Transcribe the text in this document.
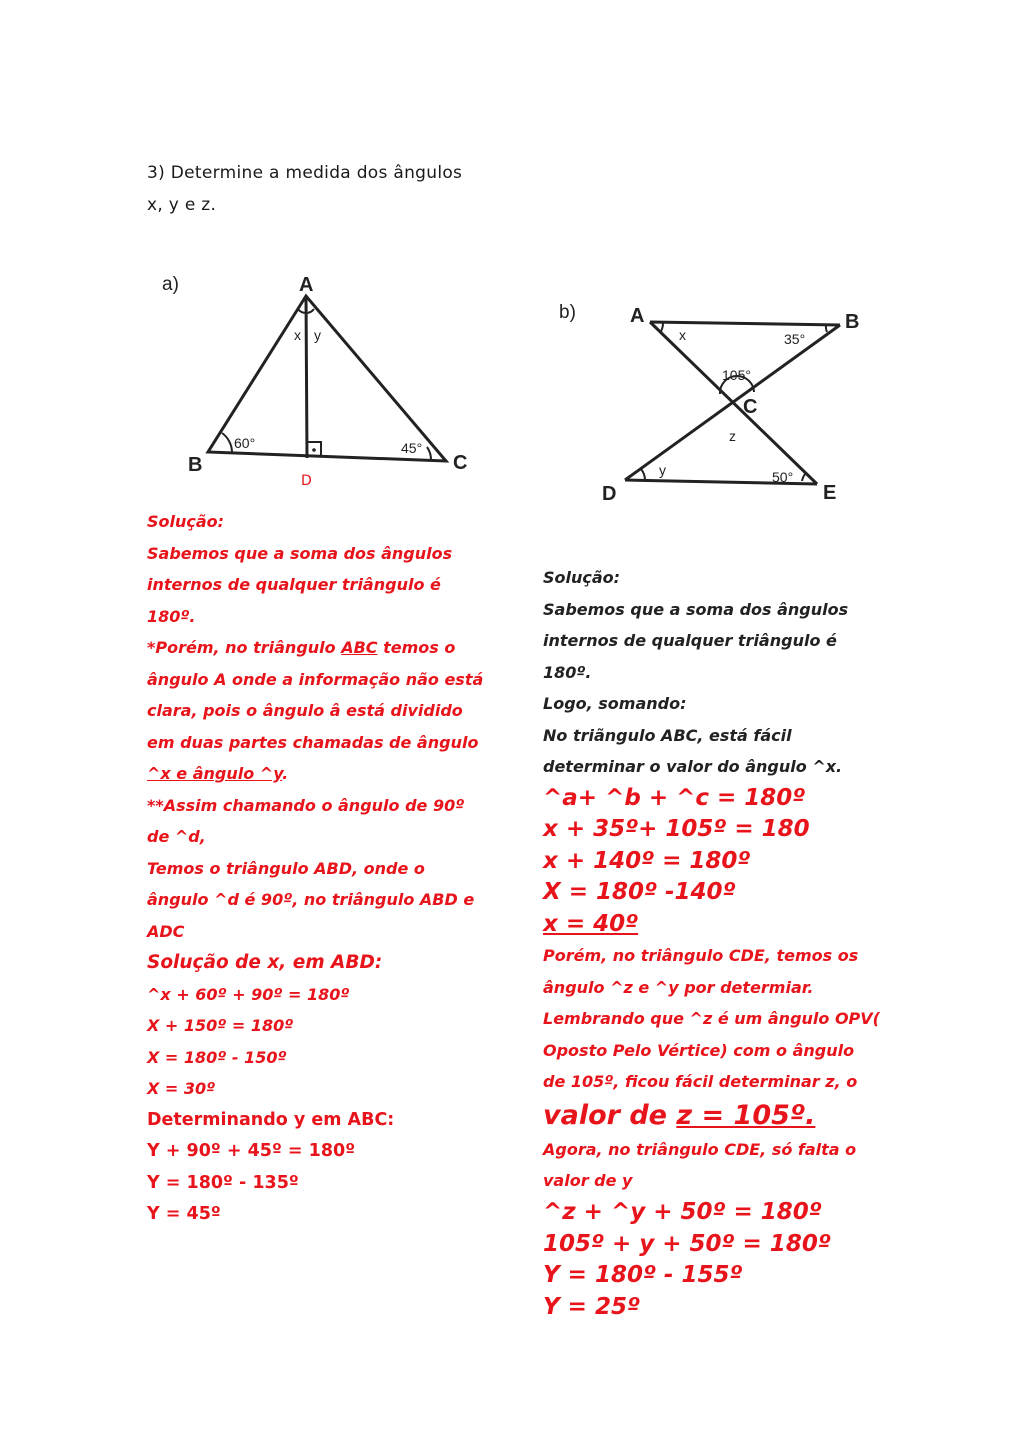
3) Determine a medida dos ângulos
x, y e z.
a)	A
B	C
x y
60°	45°
D
b)	A	B
C
D	E
x	35°
105°
z
y	50°
Solução:
Sabemos que a soma dos ângulos
internos de qualquer triângulo é
180º.
*Porém, no triângulo ABC temos o
ângulo A onde a informação não está
clara, pois o ângulo â está dividido
em duas partes chamadas de ângulo
^x e ângulo ^y.
**Assim chamando o ângulo de 90º
de ^d,
Temos o triângulo ABD, onde o
ângulo ^d é 90º, no triângulo ABD e
ADC
Solução de x, em ABD:
^x + 60º + 90º = 180º
X + 150º = 180º
X = 180º - 150º
X = 30º
Determinando y em ABC:
Y + 90º + 45º = 180º
Y = 180º - 135º
Y = 45º
Solução:
Sabemos que a soma dos ângulos
internos de qualquer triângulo é
180º.
Logo, somando:
No triãngulo ABC, está fácil
determinar o valor do ângulo ^x.
^a+ ^b + ^c = 180º
x + 35º+ 105º = 180
x + 140º = 180º
X = 180º -140º
x = 40º
Porém, no triângulo CDE, temos os
ângulo ^z e ^y por determiar.
Lembrando que ^z é um ângulo OPV(
Oposto Pelo Vértice) com o ângulo
de 105º, ficou fácil determinar z, o
valor de z = 105º.
Agora, no triângulo CDE, só falta o
valor de y
^z + ^y + 50º = 180º
105º + y + 50º = 180º
Y = 180º - 155º
Y = 25º
